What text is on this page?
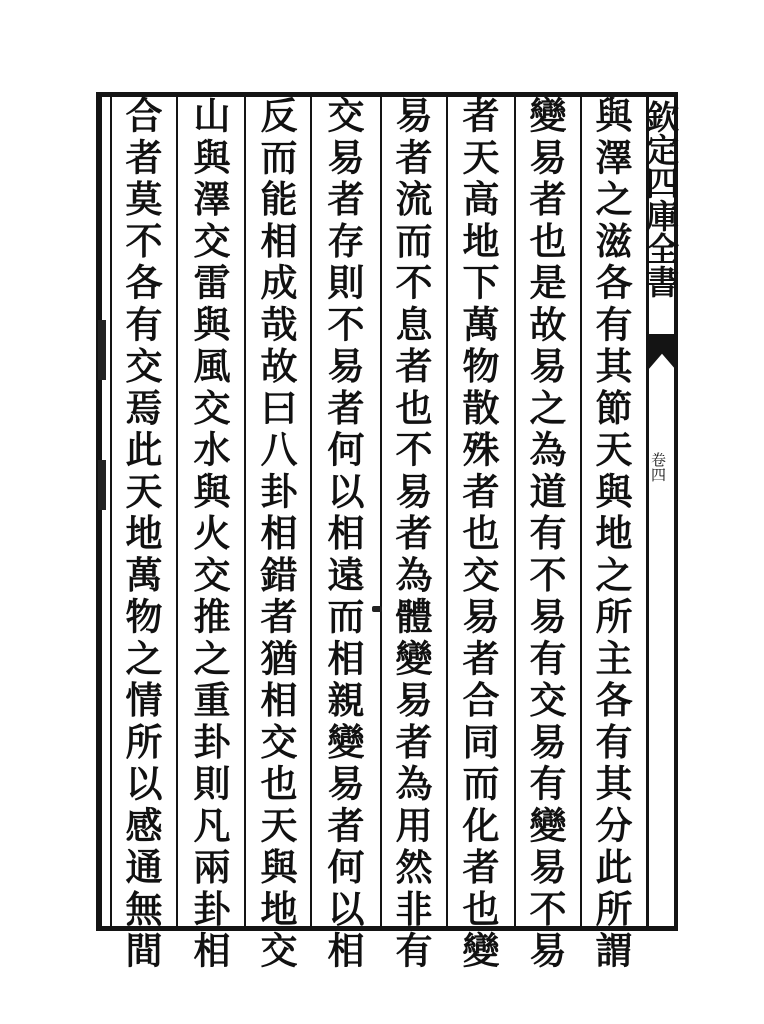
欽定四庫全書
卷四
與澤之滋各有其節天與地之所主各有其分此所謂
變易者也是故易之為道有不易有交易有變易不易
者天高地下萬物散殊者也交易者合同而化者也變
易者流而不息者也不易者為體變易者為用然非有
交易者存則不易者何以相遠而相親變易者何以相
反而能相成哉故曰八卦相錯者猶相交也天與地交
山與澤交雷與風交水與火交推之重卦則凡兩卦相
合者莫不各有交焉此天地萬物之情所以感通無間
